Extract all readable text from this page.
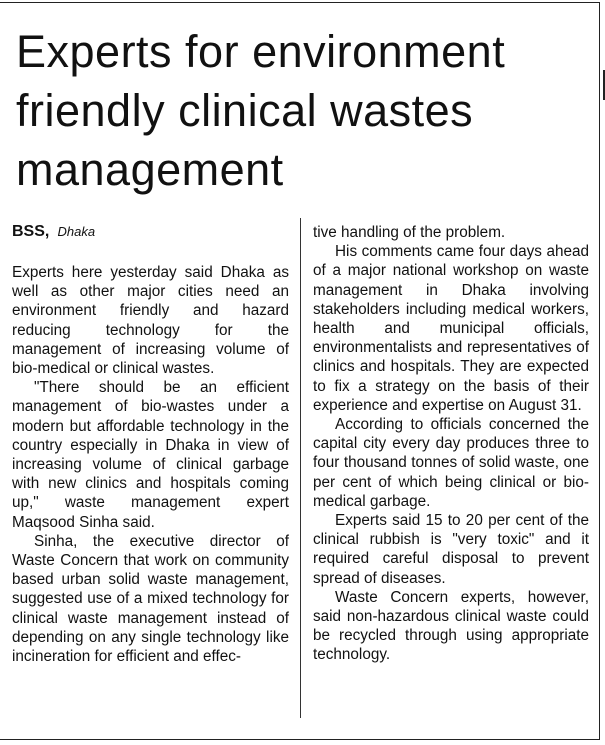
Experts for environment friendly clinical wastes management
BSS, Dhaka

Experts here yesterday said Dhaka as well as other major cities need an environment friendly and hazard reducing technology for the management of increasing volume of bio-medical or clinical wastes.

"There should be an efficient management of bio-wastes under a modern but affordable technology in the country especially in Dhaka in view of increasing volume of clinical garbage with new clinics and hospitals coming up," waste management expert Maqsood Sinha said.

Sinha, the executive director of Waste Concern that work on community based urban solid waste management, suggested use of a mixed technology for clinical waste management instead of depending on any single technology like incineration for efficient and effec-

tive handling of the problem.

His comments came four days ahead of a major national workshop on waste management in Dhaka involving stakeholders including medical workers, health and municipal officials, environmentalists and representatives of clinics and hospitals. They are expected to fix a strategy on the basis of their experience and expertise on August 31.

According to officials concerned the capital city every day produces three to four thousand tonnes of solid waste, one per cent of which being clinical or bio-medical garbage.

Experts said 15 to 20 per cent of the clinical rubbish is "very toxic" and it required careful disposal to prevent spread of diseases.

Waste Concern experts, however, said non-hazardous clinical waste could be recycled through using appropriate technology.
